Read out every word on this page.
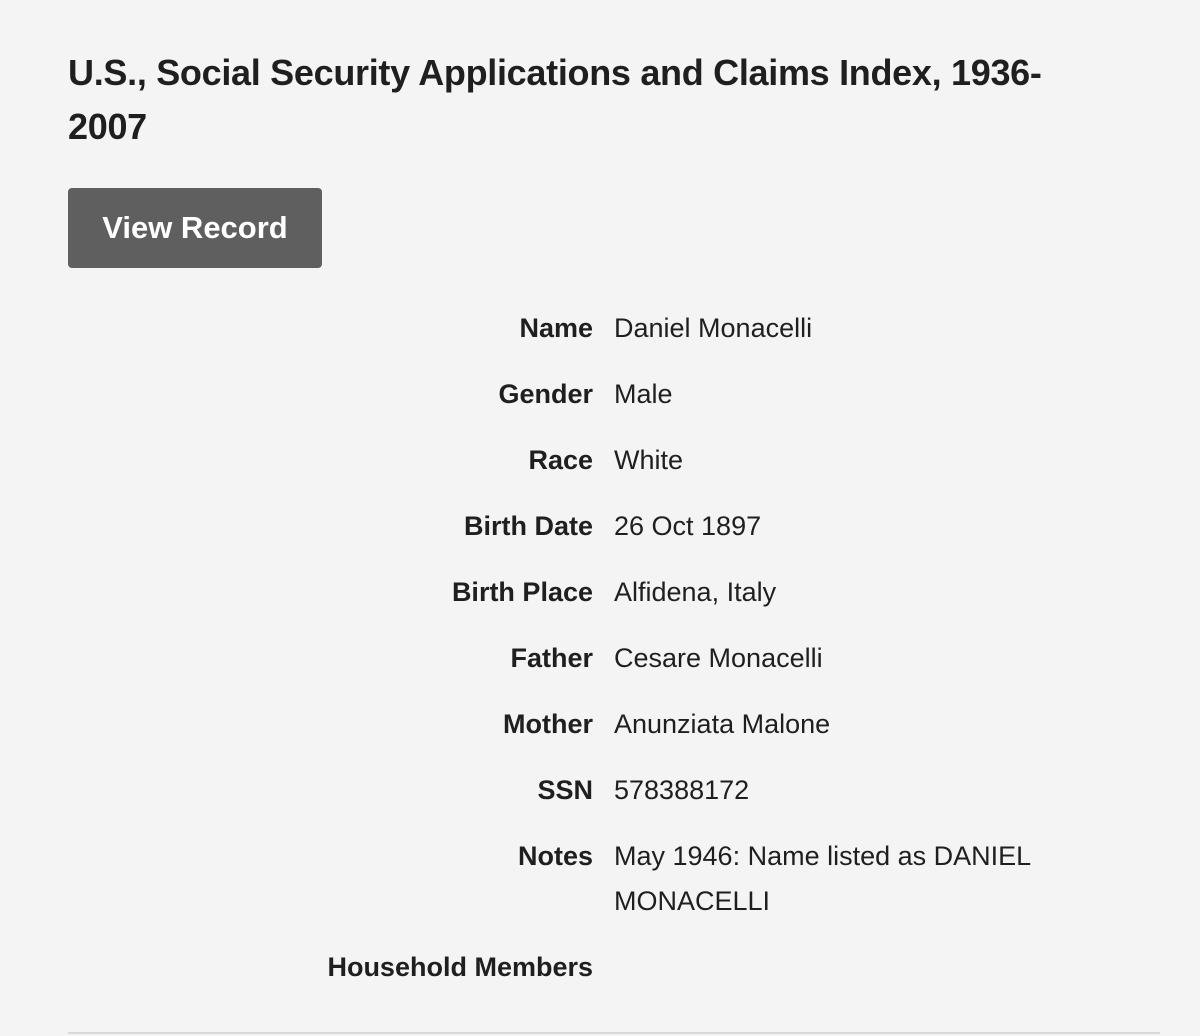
U.S., Social Security Applications and Claims Index, 1936-2007
View Record
Name Daniel Monacelli
Gender Male
Race White
Birth Date 26 Oct 1897
Birth Place Alfidena, Italy
Father Cesare Monacelli
Mother Anunziata Malone
SSN 578388172
Notes May 1946: Name listed as DANIEL MONACELLI
Household Members
